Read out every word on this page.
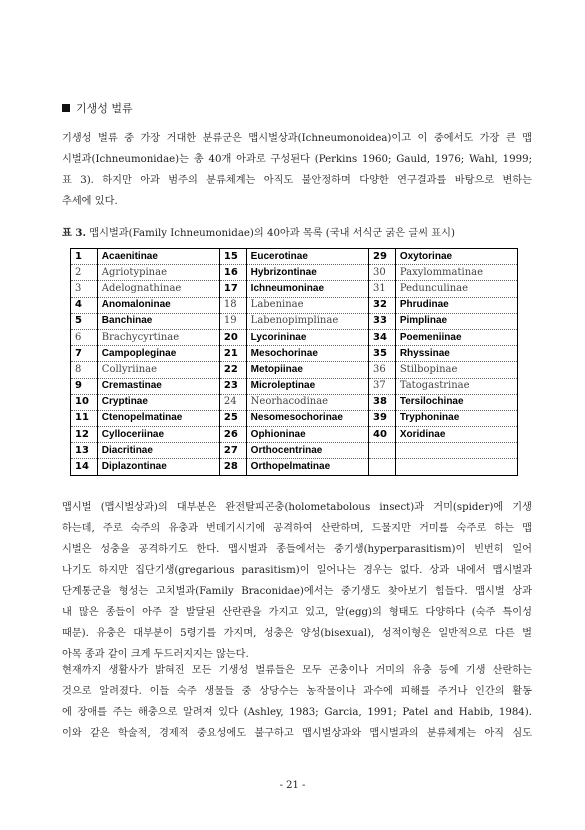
기생성 벌류

기생성 벌류 중 가장 거대한 분류군은 맵시벌상과(Ichneumonoidea)이고 이 중에서도 가장 큰 맵
시벌과(Ichneumonidae)는 총 40개 아과로 구성된다 (Perkins 1960; Gauld, 1976; Wahl, 1999;
표 3). 하지만 아과 범주의 분류체계는 아직도 불안정하며 다양한 연구결과를 바탕으로 변하는
추세에 있다.

표 3. 맵시벌과(Family Ichneumonidae)의 40아과 목록 (국내 서식군 굵은 글씨 표시)
1	Acaenitinae	15	Eucerotinae	29	Oxytorinae
2	Agriotypinae	16	Hybrizontinae	30	Paxylommatinae
3	Adelognathinae	17	Ichneumoninae	31	Pedunculinae
4	Anomaloninae	18	Labeninae	32	Phrudinae
5	Banchinae	19	Labenopimplinae	33	Pimplinae
6	Brachycyrtinae	20	Lycorininae	34	Poemeniinae
7	Campopleginae	21	Mesochorinae	35	Rhyssinae
8	Collyriinae	22	Metopiinae	36	Stilbopinae
9	Cremastinae	23	Microleptinae	37	Tatogastrinae
10	Cryptinae	24	Neorhacodinae	38	Tersilochinae
11	Ctenopelmatinae	25	Nesomesochorinae	39	Tryphoninae
12	Cylloceriinae	26	Ophioninae	40	Xoridinae
13	Diacritinae	27	Orthocentrinae		
14	Diplazontinae	28	Orthopelmatinae		

맵시벌 (맵시벌상과)의 대부분은 완전탈피곤충(holometabolous insect)과 거미(spider)에 기생
하는데, 주로 숙주의 유충과 번데기시기에 공격하여 산란하며, 드물지만 거미를 숙주로 하는 맵
시벌은 성충을 공격하기도 한다. 맵시벌과 종들에서는 중기생(hyperparasitism)이 빈번히 일어
나기도 하지만 집단기생(gregarious parasitism)이 일어나는 경우는 없다. 상과 내에서 맵시벌과
단계통군을 형성는 고치벌과(Family Braconidae)에서는 중기생도 찾아보기 힘들다. 맵시벌 상과
내 많은 종들이 아주 잘 발달된 산란관을 가지고 있고, 알(egg)의 형태도 다양하다 (숙주 특이성
때문). 유충은 대부분이 5령기를 가지며, 성충은 양성(bisexual), 성적이형은 일반적으로 다른 벌
아목 종과 같이 크게 두드러지지는 않는다.

현재까지 생활사가 밝혀진 모든 기생성 벌류들은 모두 곤충이나 거미의 유충 등에 기생 산란하는
것으로 알려졌다. 이들 숙주 생물들 중 상당수는 농작물이나 과수에 피해를 주거나 인간의 활동
에 장애를 주는 해충으로 알려져 있다 (Ashley, 1983; Garcia, 1991; Patel and Habib, 1984).
이와 같은 학술적, 경제적 중요성에도 불구하고 맵시벌상과와 맵시벌과의 분류체계는 아직 심도

- 21 -
